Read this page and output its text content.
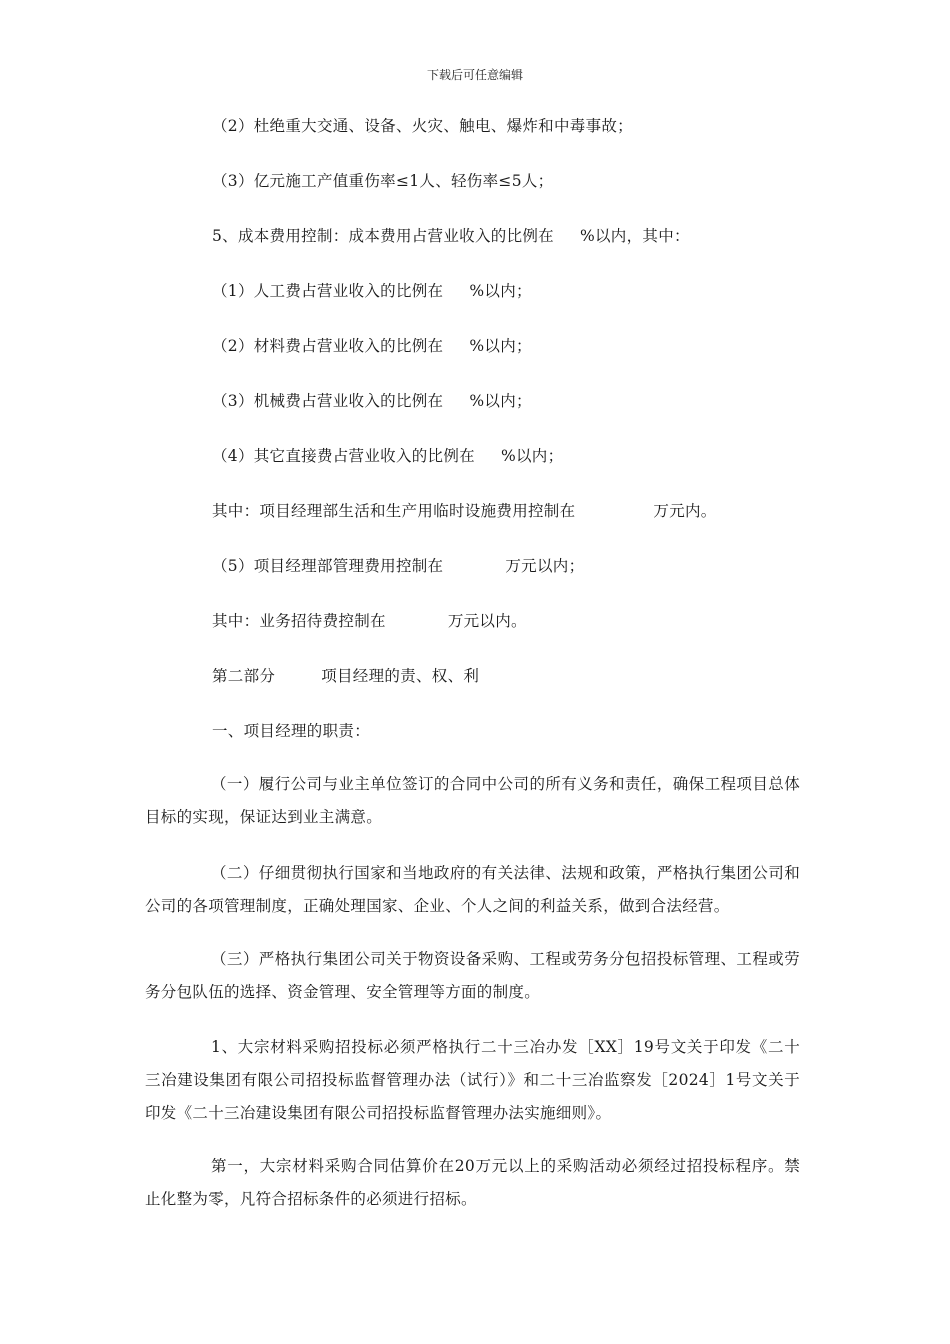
下载后可任意编辑
（2）杜绝重大交通、设备、火灾、触电、爆炸和中毒事故；
（3）亿元施工产值重伤率≤1人、轻伤率≤5人；
5、成本费用控制：成本费用占营业收入的比例在 %以内，其中：
（1）人工费占营业收入的比例在 %以内；
（2）材料费占营业收入的比例在 %以内；
（3）机械费占营业收入的比例在 %以内；
（4）其它直接费占营业收入的比例在 %以内；
其中：项目经理部生活和生产用临时设施费用控制在	万元内。
（5）项目经理部管理费用控制在	万元以内；
其中：业务招待费控制在	万元以内。
第二部分	项目经理的责、权、利
一、项目经理的职责：
（一）履行公司与业主单位签订的合同中公司的所有义务和责任，确保工程项目总体目标的实现，保证达到业主满意。
（二）仔细贯彻执行国家和当地政府的有关法律、法规和政策，严格执行集团公司和公司的各项管理制度，正确处理国家、企业、个人之间的利益关系，做到合法经营。
（三）严格执行集团公司关于物资设备采购、工程或劳务分包招投标管理、工程或劳务分包队伍的选择、资金管理、安全管理等方面的制度。
1、大宗材料采购招投标必须严格执行二十三冶办发［XX］19号文关于印发《二十三冶建设集团有限公司招投标监督管理办法（试行）》和二十三冶监察发［2024］1号文关于印发《二十三冶建设集团有限公司招投标监督管理办法实施细则》。
第一，大宗材料采购合同估算价在20万元以上的采购活动必须经过招投标程序。禁止化整为零，凡符合招标条件的必须进行招标。
